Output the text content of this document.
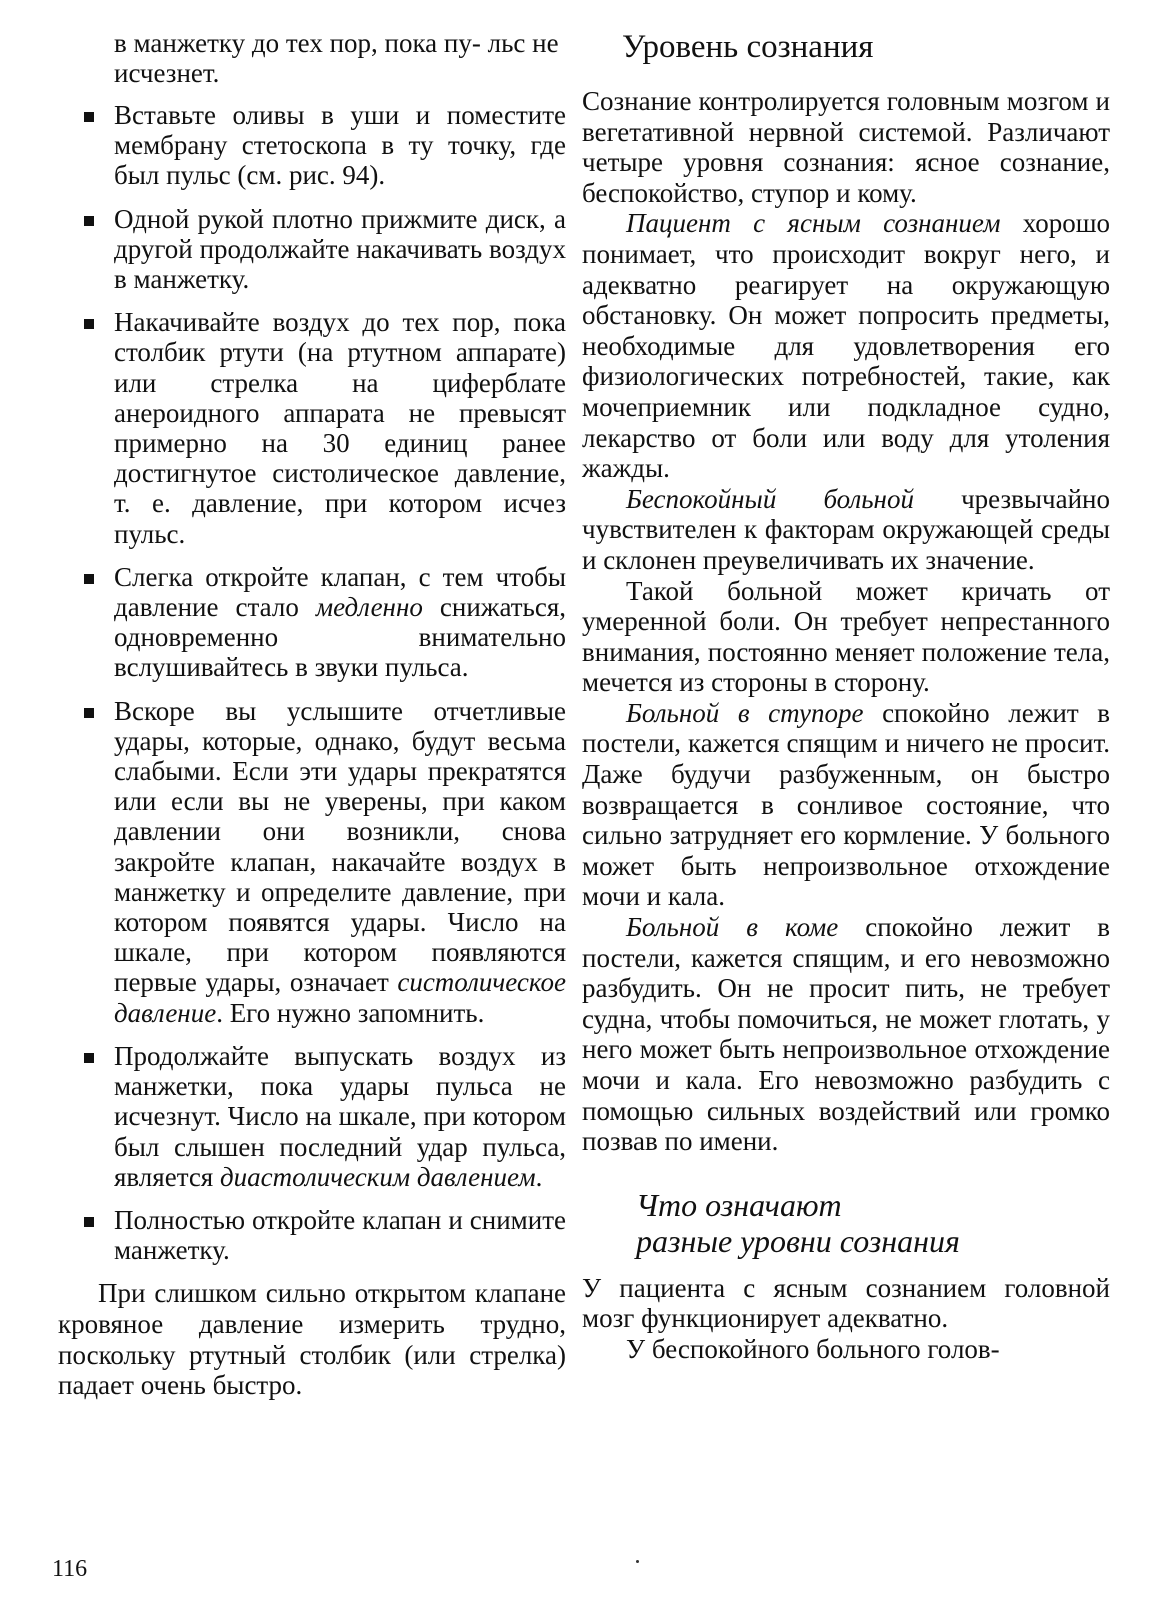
в манжетку до тех пор, пока пу- льс не исчезнет.
Вставьте оливы в уши и поместите мембрану стетоскопа в ту точку, где был пульс (см. рис. 94).
Одной рукой плотно прижмите диск, а другой продолжайте накачивать воздух в манжетку.
Накачивайте воздух до тех пор, пока столбик ртути (на ртутном аппарате) или стрелка на циферблате анероидного аппарата не превысят примерно на 30 единиц ранее достигнутое систолическое давление, т. е. давление, при котором исчез пульс.
Слегка откройте клапан, с тем чтобы давление стало медленно снижаться, одновременно внимательно вслушивайтесь в звуки пульса.
Вскоре вы услышите отчетливые удары, которые, однако, будут весьма слабыми. Если эти удары прекратятся или если вы не уверены, при каком давлении они возникли, снова закройте клапан, накачайте воздух в манжетку и определите давление, при котором появятся удары. Число на шкале, при котором появляются первые удары, означает систолическое давление. Его нужно запомнить.
Продолжайте выпускать воздух из манжетки, пока удары пульса не исчезнут. Число на шкале, при котором был слышен последний удар пульса, является диастолическим давлением.
Полностью откройте клапан и снимите манжетку.

При слишком сильно открытом клапане кровяное давление измерить трудно, поскольку ртутный столбик (или стрелка) падает очень быстро.

Уровень сознания

Сознание контролируется головным мозгом и вегетативной нервной системой. Различают четыре уровня сознания: ясное сознание, беспокойство, ступор и кому.

Пациент с ясным сознанием хорошо понимает, что происходит вокруг него, и адекватно реагирует на окружающую обстановку. Он может попросить предметы, необходимые для удовлетворения его физиологических потребностей, такие, как мочеприемник или подкладное судно, лекарство от боли или воду для утоления жажды.

Беспокойный больной чрезвычайно чувствителен к факторам окружающей среды и склонен преувеличивать их значение.

Такой больной может кричать от умеренной боли. Он требует непрестанного внимания, постоянно меняет положение тела, мечется из стороны в сторону.

Больной в ступоре спокойно лежит в постели, кажется спящим и ничего не просит. Даже будучи разбуженным, он быстро возвращается в сонливое состояние, что сильно затрудняет его кормление. У больного может быть непроизвольное отхождение мочи и кала.

Больной в коме спокойно лежит в постели, кажется спящим, и его невозможно разбудить. Он не просит пить, не требует судна, чтобы помочиться, не может глотать, у него может быть непроизвольное отхождение мочи и кала. Его невозможно разбудить с помощью сильных воздействий или громко позвав по имени.

Что означают
разные уровни сознания

У пациента с ясным сознанием головной мозг функционирует адекватно.

У беспокойного больного голов-

116
